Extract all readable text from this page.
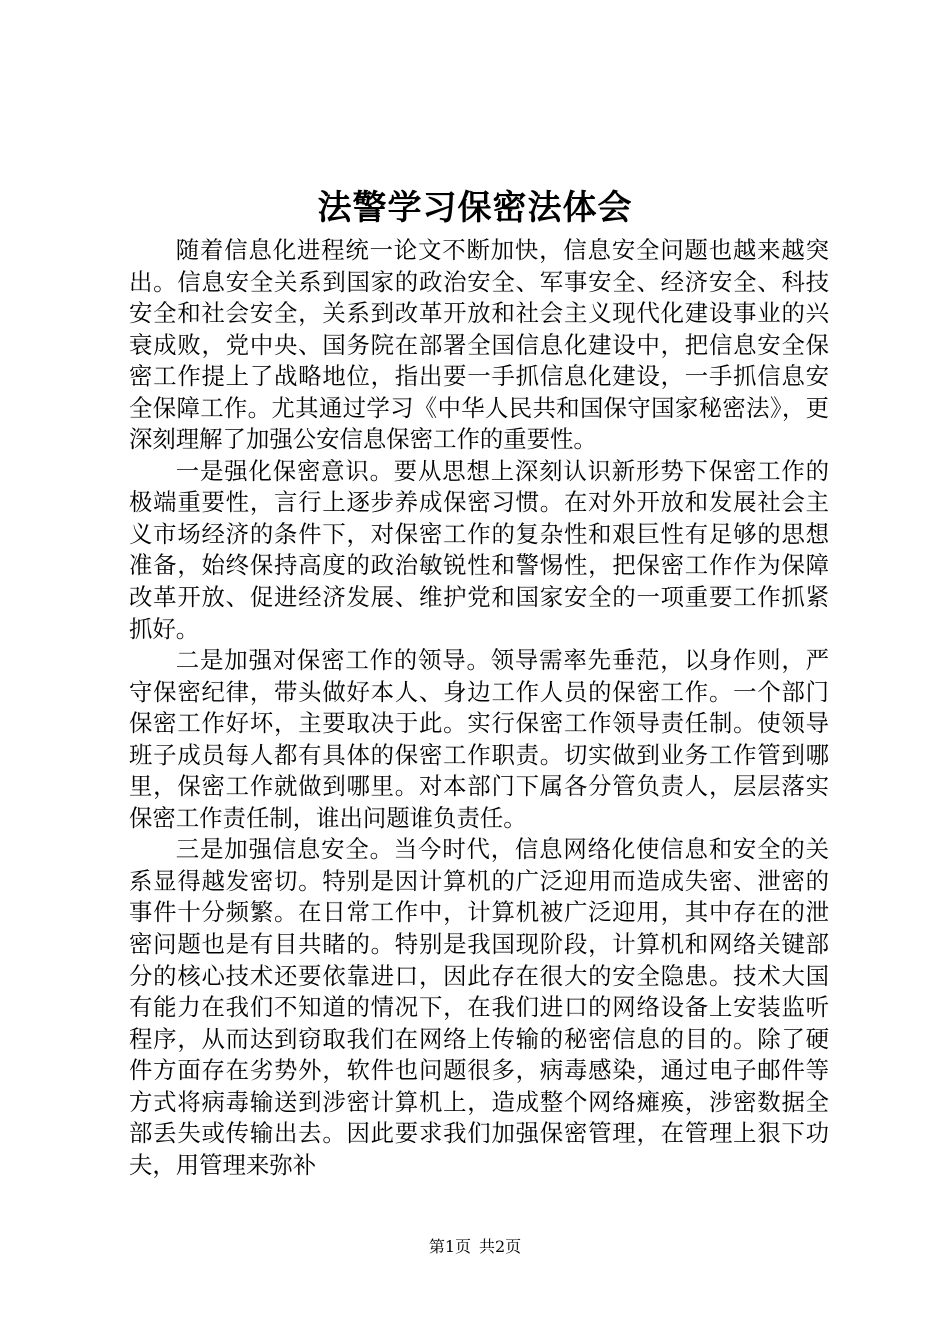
法警学习保密法体会

随着信息化进程统一论文不断加快，信息安全问题也越来越突出。信息安全关系到国家的政治安全、军事安全、经济安全、科技安全和社会安全，关系到改革开放和社会主义现代化建设事业的兴衰成败，党中央、国务院在部署全国信息化建设中，把信息安全保密工作提上了战略地位，指出要一手抓信息化建设，一手抓信息安全保障工作。尤其通过学习《中华人民共和国保守国家秘密法》，更深刻理解了加强公安信息保密工作的重要性。

一是强化保密意识。要从思想上深刻认识新形势下保密工作的极端重要性，言行上逐步养成保密习惯。在对外开放和发展社会主义市场经济的条件下，对保密工作的复杂性和艰巨性有足够的思想准备，始终保持高度的政治敏锐性和警惕性，把保密工作作为保障改革开放、促进经济发展、维护党和国家安全的一项重要工作抓紧抓好。

二是加强对保密工作的领导。领导需率先垂范，以身作则，严守保密纪律，带头做好本人、身边工作人员的保密工作。一个部门保密工作好坏，主要取决于此。实行保密工作领导责任制。使领导班子成员每人都有具体的保密工作职责。切实做到业务工作管到哪里，保密工作就做到哪里。对本部门下属各分管负责人，层层落实保密工作责任制，谁出问题谁负责任。

三是加强信息安全。当今时代，信息网络化使信息和安全的关系显得越发密切。特别是因计算机的广泛迎用而造成失密、泄密的事件十分频繁。在日常工作中，计算机被广泛迎用，其中存在的泄密问题也是有目共睹的。特别是我国现阶段，计算机和网络关键部分的核心技术还要依靠进口，因此存在很大的安全隐患。技术大国有能力在我们不知道的情况下，在我们进口的网络设备上安装监听程序，从而达到窃取我们在网络上传输的秘密信息的目的。除了硬件方面存在劣势外，软件也问题很多，病毒感染，通过电子邮件等方式将病毒输送到涉密计算机上，造成整个网络瘫痪，涉密数据全部丢失或传输出去。因此要求我们加强保密管理，在管理上狠下功夫，用管理来弥补

第1页 共2页
